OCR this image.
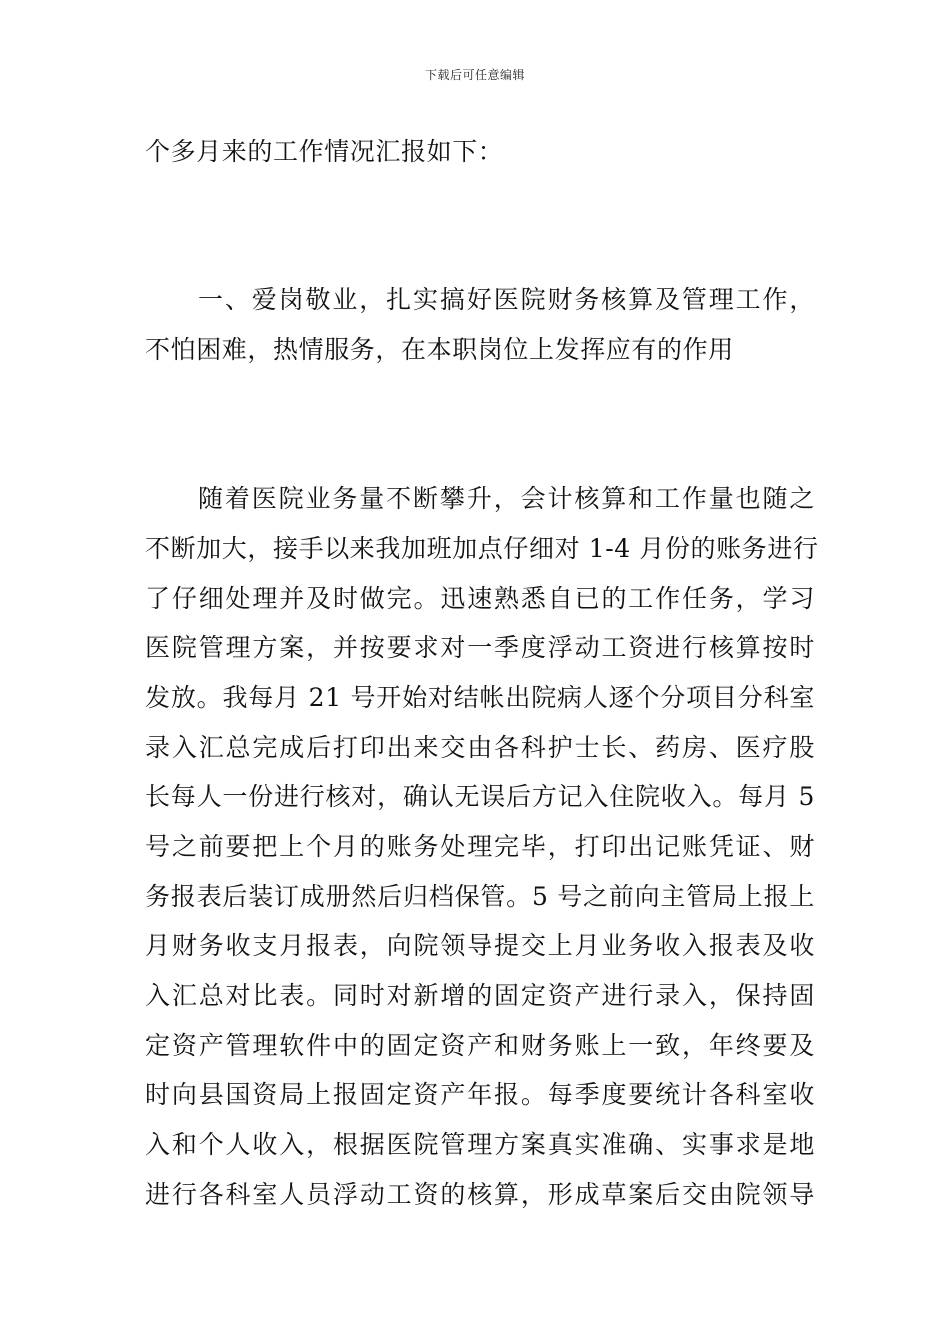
下载后可任意编辑
个多月来的工作情况汇报如下：
一、爱岗敬业，扎实搞好医院财务核算及管理工作，
不怕困难，热情服务，在本职岗位上发挥应有的作用
随着医院业务量不断攀升，会计核算和工作量也随之
不断加大，接手以来我加班加点仔细对 1-4 月份的账务进行
了仔细处理并及时做完。迅速熟悉自已的工作任务，学习
医院管理方案，并按要求对一季度浮动工资进行核算按时
发放。我每月 21 号开始对结帐出院病人逐个分项目分科室
录入汇总完成后打印出来交由各科护士长、药房、医疗股
长每人一份进行核对，确认无误后方记入住院收入。每月 5
号之前要把上个月的账务处理完毕，打印出记账凭证、财
务报表后装订成册然后归档保管。5 号之前向主管局上报上
月财务收支月报表，向院领导提交上月业务收入报表及收
入汇总对比表。同时对新增的固定资产进行录入，保持固
定资产管理软件中的固定资产和财务账上一致，年终要及
时向县国资局上报固定资产年报。每季度要统计各科室收
入和个人收入，根据医院管理方案真实准确、实事求是地
进行各科室人员浮动工资的核算，形成草案后交由院领导
